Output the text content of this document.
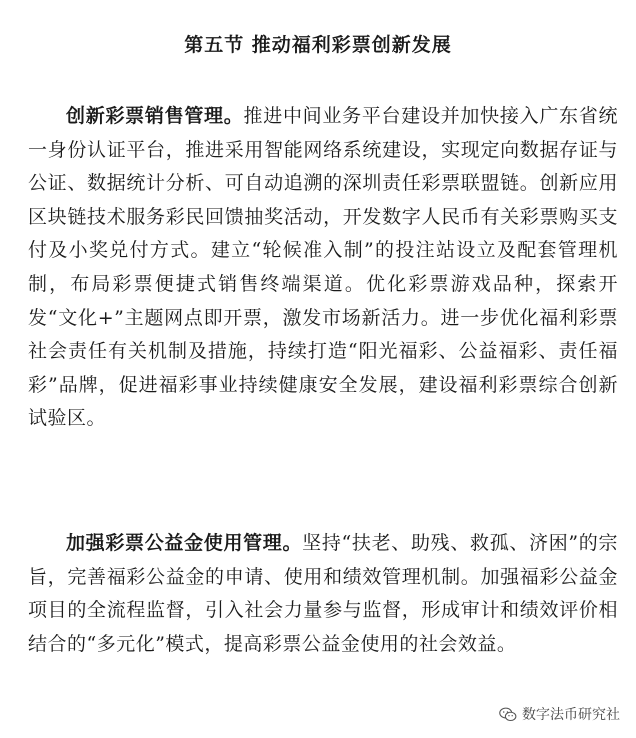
第五节 推动福利彩票创新发展

创新彩票销售管理。推进中间业务平台建设并加快接入广东省统一身份认证平台，推进采用智能网络系统建设，实现定向数据存证与公证、数据统计分析、可自动追溯的深圳责任彩票联盟链。创新应用区块链技术服务彩民回馈抽奖活动，开发数字人民币有关彩票购买支付及小奖兑付方式。建立“轮候准入制”的投注站设立及配套管理机制，布局彩票便捷式销售终端渠道。优化彩票游戏品种，探索开发“文化+”主题网点即开票，激发市场新活力。进一步优化福利彩票社会责任有关机制及措施，持续打造“阳光福彩、公益福彩、责任福彩”品牌，促进福彩事业持续健康安全发展，建设福利彩票综合创新试验区。

加强彩票公益金使用管理。坚持“扶老、助残、救孤、济困”的宗旨，完善福彩公益金的申请、使用和绩效管理机制。加强福彩公益金项目的全流程监督，引入社会力量参与监督，形成审计和绩效评价相结合的“多元化”模式，提高彩票公益金使用的社会效益。

数字法币研究社
